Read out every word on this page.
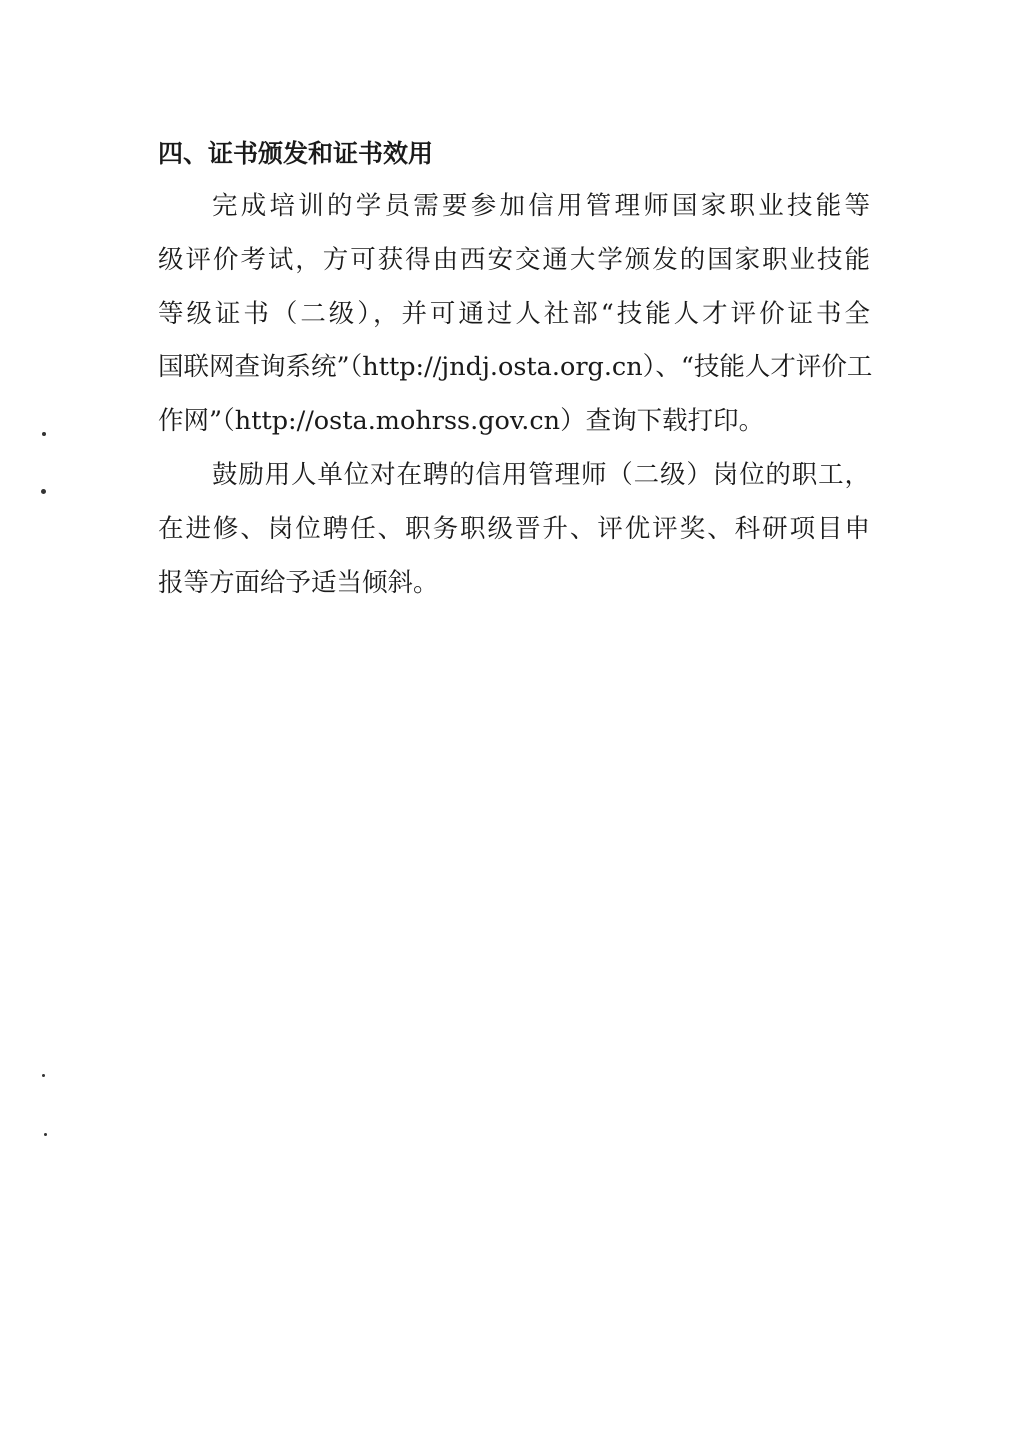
四、证书颁发和证书效用

完成培训的学员需要参加信用管理师国家职业技能等
级评价考试，方可获得由西安交通大学颁发的国家职业技能
等级证书（二级），并可通过人社部“技能人才评价证书全
国联网查询系统”（http://jndj.osta.org.cn）、“技能人才评价工
作网”（http://osta.mohrss.gov.cn）查询下载打印。

鼓励用人单位对在聘的信用管理师（二级）岗位的职工，
在进修、岗位聘任、职务职级晋升、评优评奖、科研项目申
报等方面给予适当倾斜。
